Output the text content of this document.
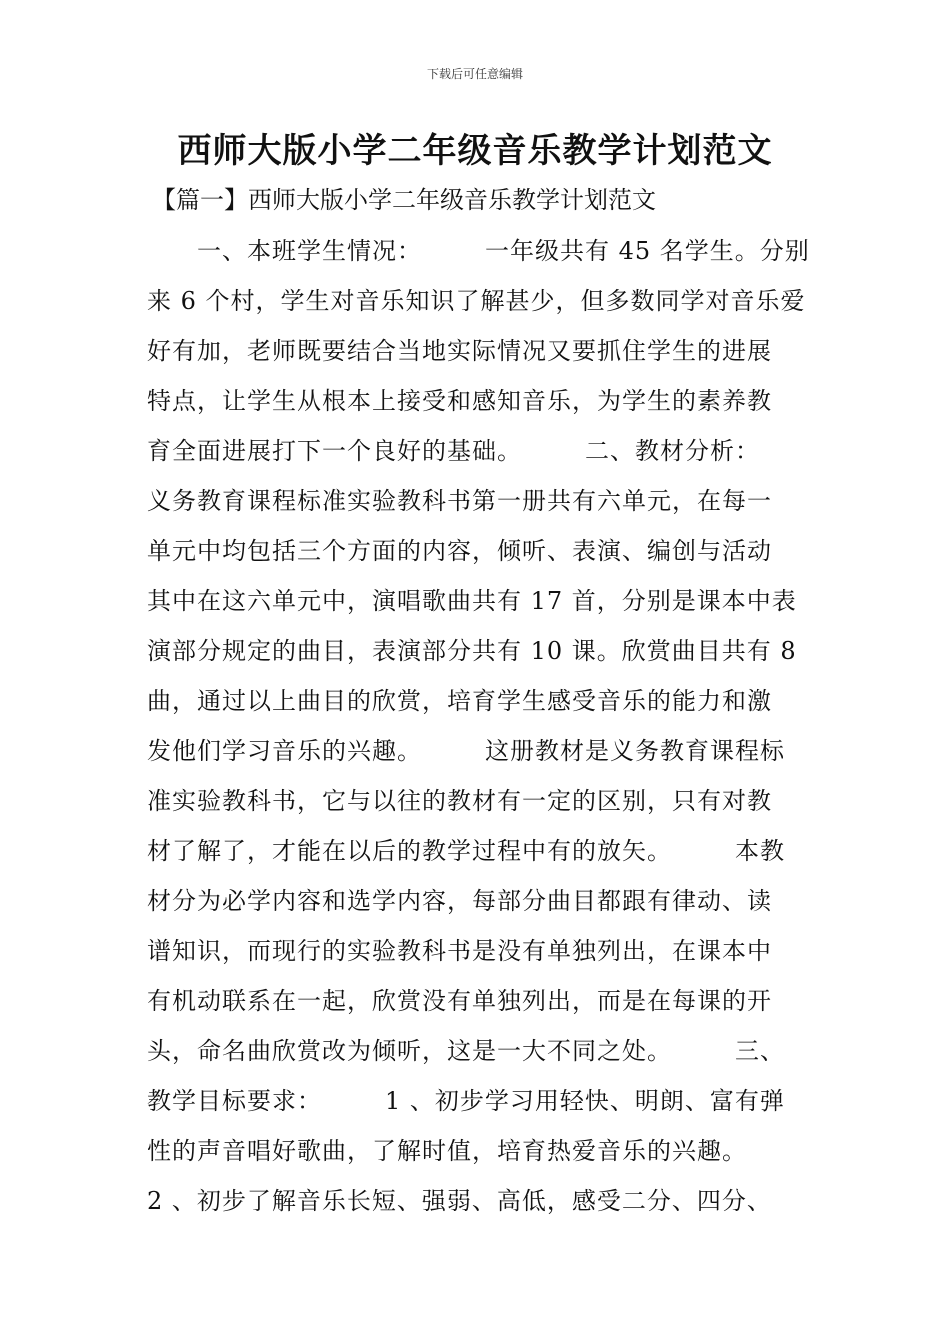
下载后可任意编辑
西师大版小学二年级音乐教学计划范文
【篇一】西师大版小学二年级音乐教学计划范文
　　一、本班学生情况：　　　一年级共有 45 名学生。分别
来 6 个村，学生对音乐知识了解甚少，但多数同学对音乐爱
好有加，老师既要结合当地实际情况又要抓住学生的进展
特点，让学生从根本上接受和感知音乐，为学生的素养教
育全面进展打下一个良好的基础。　　　二、教材分析：
义务教育课程标准实验教科书第一册共有六单元，在每一
单元中均包括三个方面的内容，倾听、表演、编创与活动
其中在这六单元中，演唱歌曲共有 17 首，分别是课本中表
演部分规定的曲目，表演部分共有 10 课。欣赏曲目共有 8
曲，通过以上曲目的欣赏，培育学生感受音乐的能力和激
发他们学习音乐的兴趣。　　　这册教材是义务教育课程标
准实验教科书，它与以往的教材有一定的区别，只有对教
材了解了，才能在以后的教学过程中有的放矢。　　　本教
材分为必学内容和选学内容，每部分曲目都跟有律动、读
谱知识，而现行的实验教科书是没有单独列出，在课本中
有机动联系在一起，欣赏没有单独列出，而是在每课的开
头，命名曲欣赏改为倾听，这是一大不同之处。　　　三、
教学目标要求：　　　1 、初步学习用轻快、明朗、富有弹
性的声音唱好歌曲，了解时值，培育热爱音乐的兴趣。
2 、初步了解音乐长短、强弱、高低，感受二分、四分、
